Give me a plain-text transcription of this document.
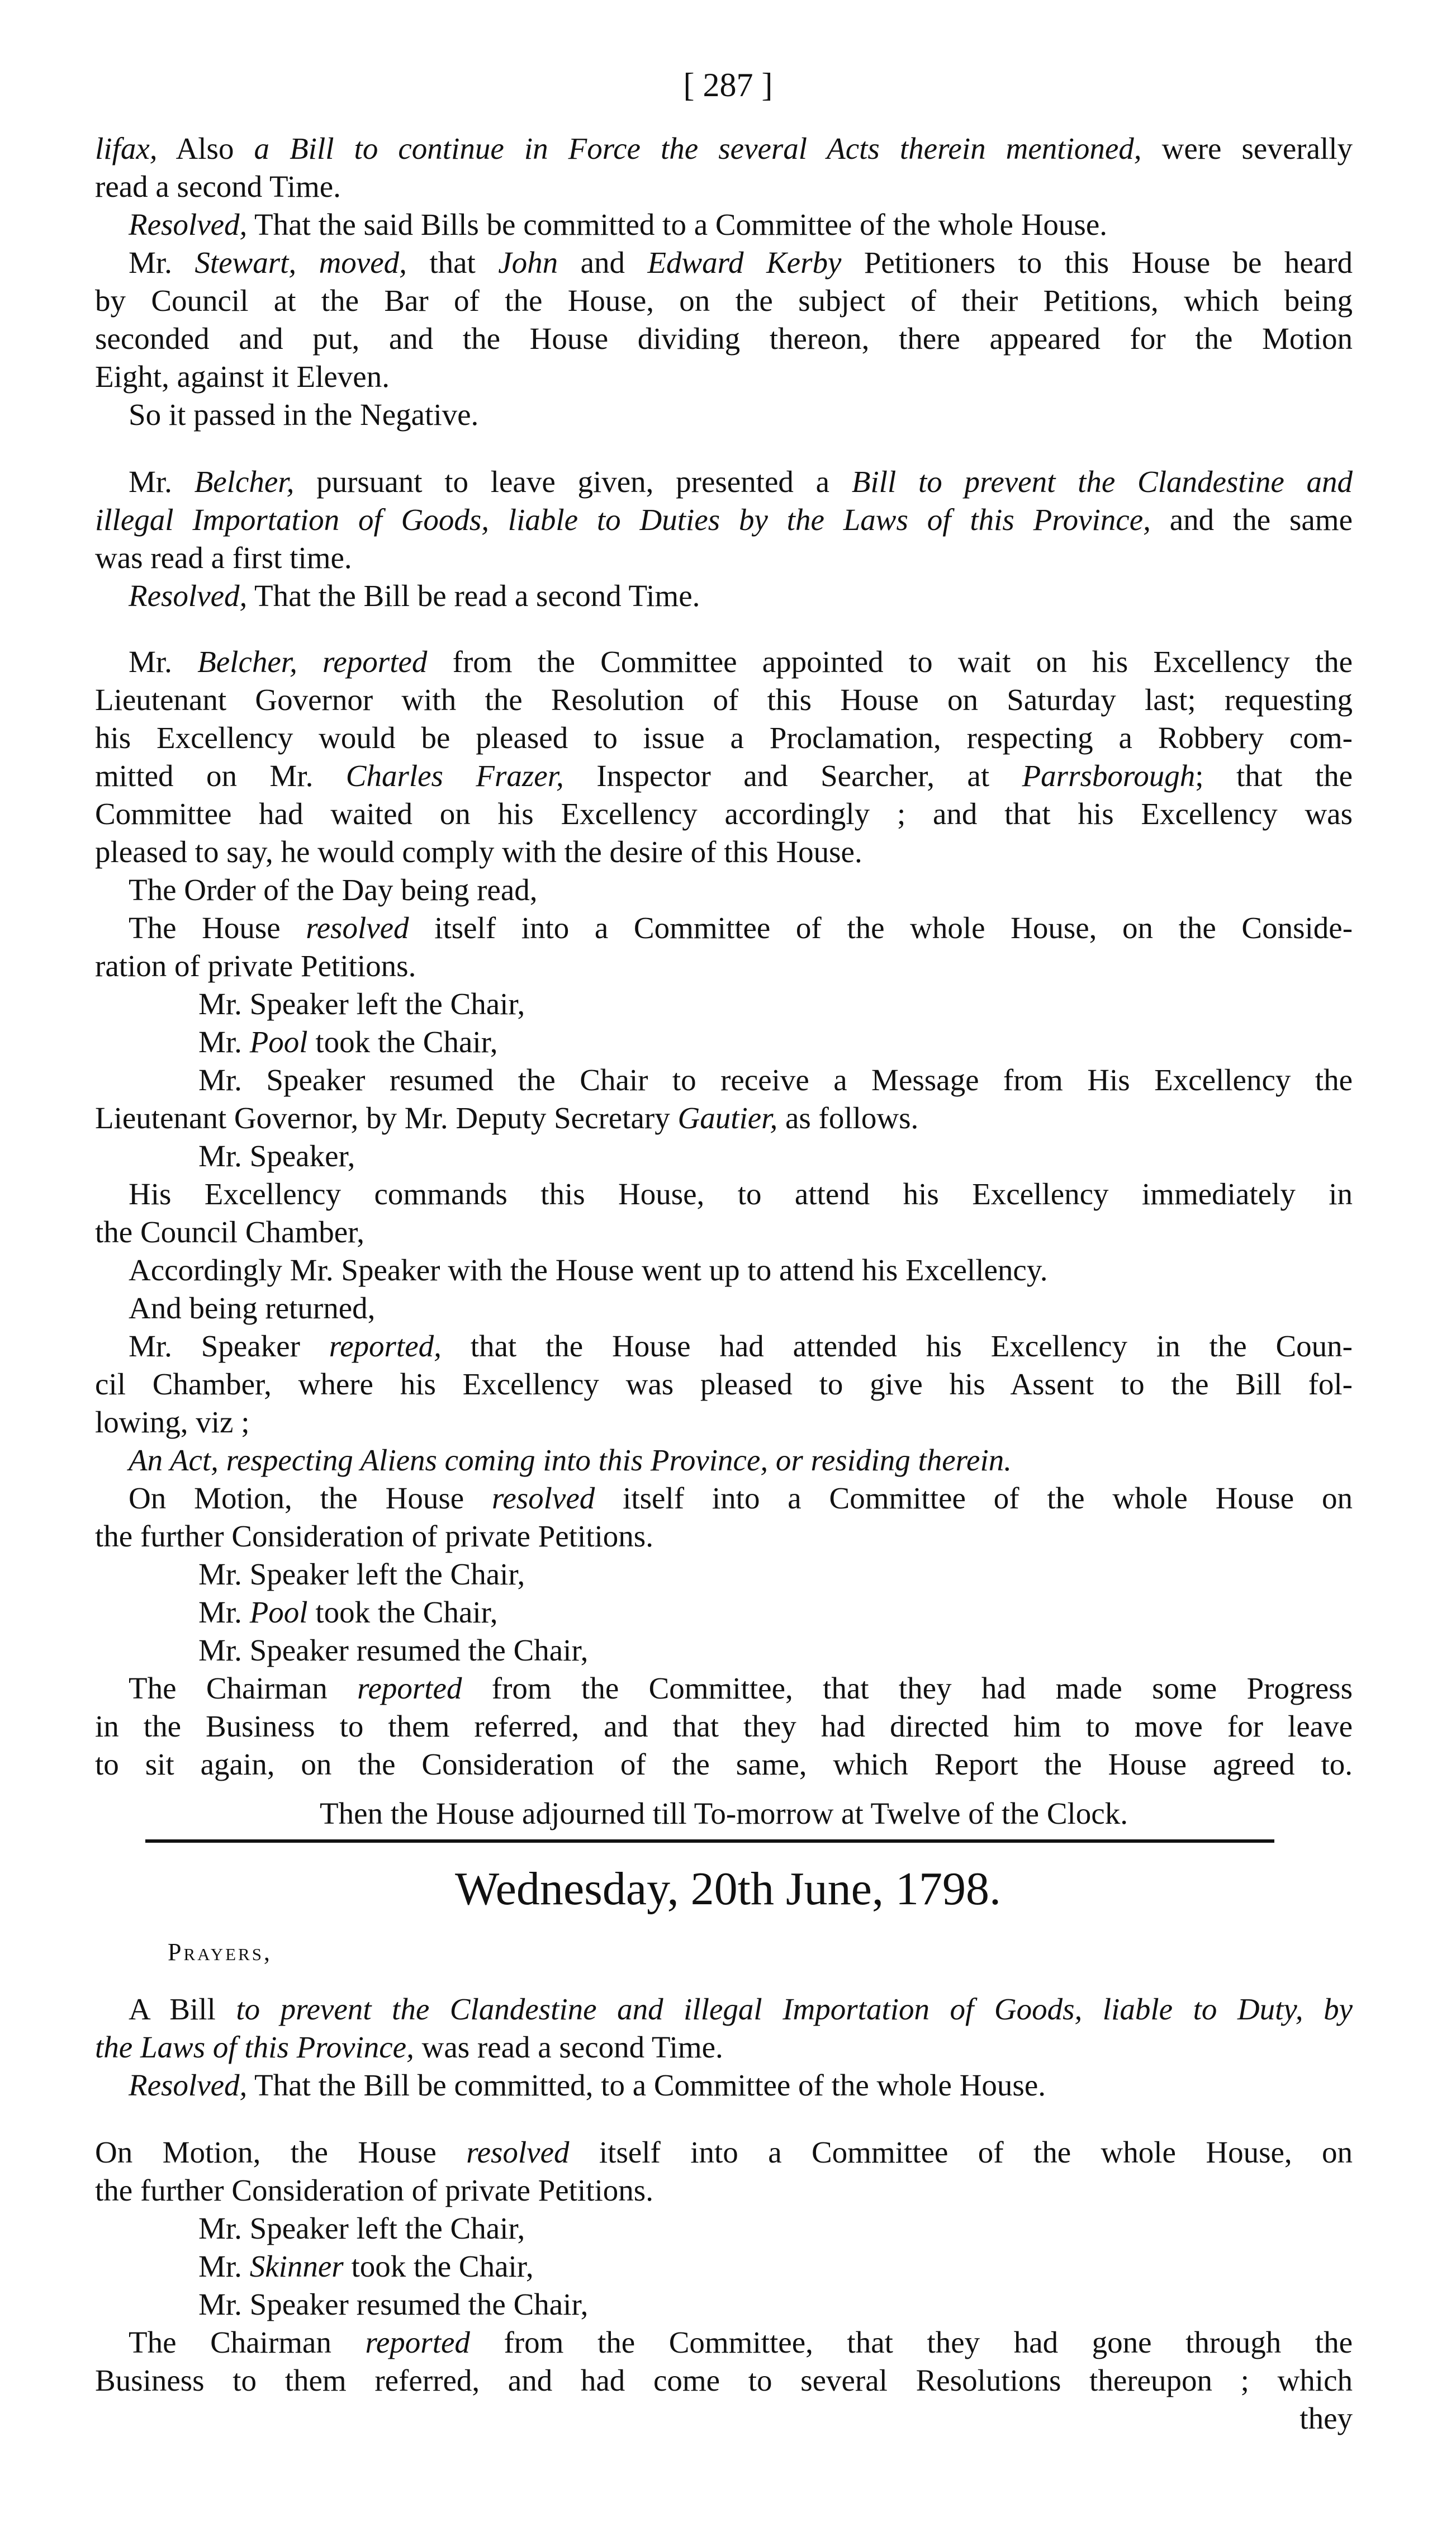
[ 287 ]
lifax, Also a Bill to continue in Force the several Acts therein mentioned, were severally
read a second Time.
Resolved, That the said Bills be committed to a Committee of the whole House.
Mr. Stewart, moved, that John and Edward Kerby Petitioners to this House be heard
by Council at the Bar of the House, on the subject of their Petitions, which being
seconded and put, and the House dividing thereon, there appeared for the Motion
Eight, against it Eleven.
So it passed in the Negative.
Mr. Belcher, pursuant to leave given, presented a Bill to prevent the Clandestine and
illegal Importation of Goods, liable to Duties by the Laws of this Province, and the same
was read a first time.
Resolved, That the Bill be read a second Time.
Mr. Belcher, reported from the Committee appointed to wait on his Excellency the
Lieutenant Governor with the Resolution of this House on Saturday last; requesting
his Excellency would be pleased to issue a Proclamation, respecting a Robbery com-
mitted on Mr. Charles Frazer, Inspector and Searcher, at Parrsborough; that the
Committee had waited on his Excellency accordingly ; and that his Excellency was
pleased to say, he would comply with the desire of this House.
The Order of the Day being read,
The House resolved itself into a Committee of the whole House, on the Conside-
ration of private Petitions.
Mr. Speaker left the Chair,
Mr. Pool took the Chair,
Mr. Speaker resumed the Chair to receive a Message from His Excellency the
Lieutenant Governor, by Mr. Deputy Secretary Gautier, as follows.
Mr. Speaker,
His Excellency commands this House, to attend his Excellency immediately in
the Council Chamber,
Accordingly Mr. Speaker with the House went up to attend his Excellency.
And being returned,
Mr. Speaker reported, that the House had attended his Excellency in the Coun-
cil Chamber, where his Excellency was pleased to give his Assent to the Bill fol-
lowing, viz ;
An Act, respecting Aliens coming into this Province, or residing therein.
On Motion, the House resolved itself into a Committee of the whole House on
the further Consideration of private Petitions.
Mr. Speaker left the Chair,
Mr. Pool took the Chair,
Mr. Speaker resumed the Chair,
The Chairman reported from the Committee, that they had made some Progress
in the Business to them referred, and that they had directed him to move for leave
to sit again, on the Consideration of the same, which Report the House agreed to.
Then the House adjourned till To-morrow at Twelve of the Clock.
Wednesday, 20th June, 1798.
Prayers,
A Bill to prevent the Clandestine and illegal Importation of Goods, liable to Duty, by
the Laws of this Province, was read a second Time.
Resolved, That the Bill be committed, to a Committee of the whole House.
On Motion, the House resolved itself into a Committee of the whole House, on
the further Consideration of private Petitions.
Mr. Speaker left the Chair,
Mr. Skinner took the Chair,
Mr. Speaker resumed the Chair,
The Chairman reported from the Committee, that they had gone through the
Business to them referred, and had come to several Resolutions thereupon ; which
they
